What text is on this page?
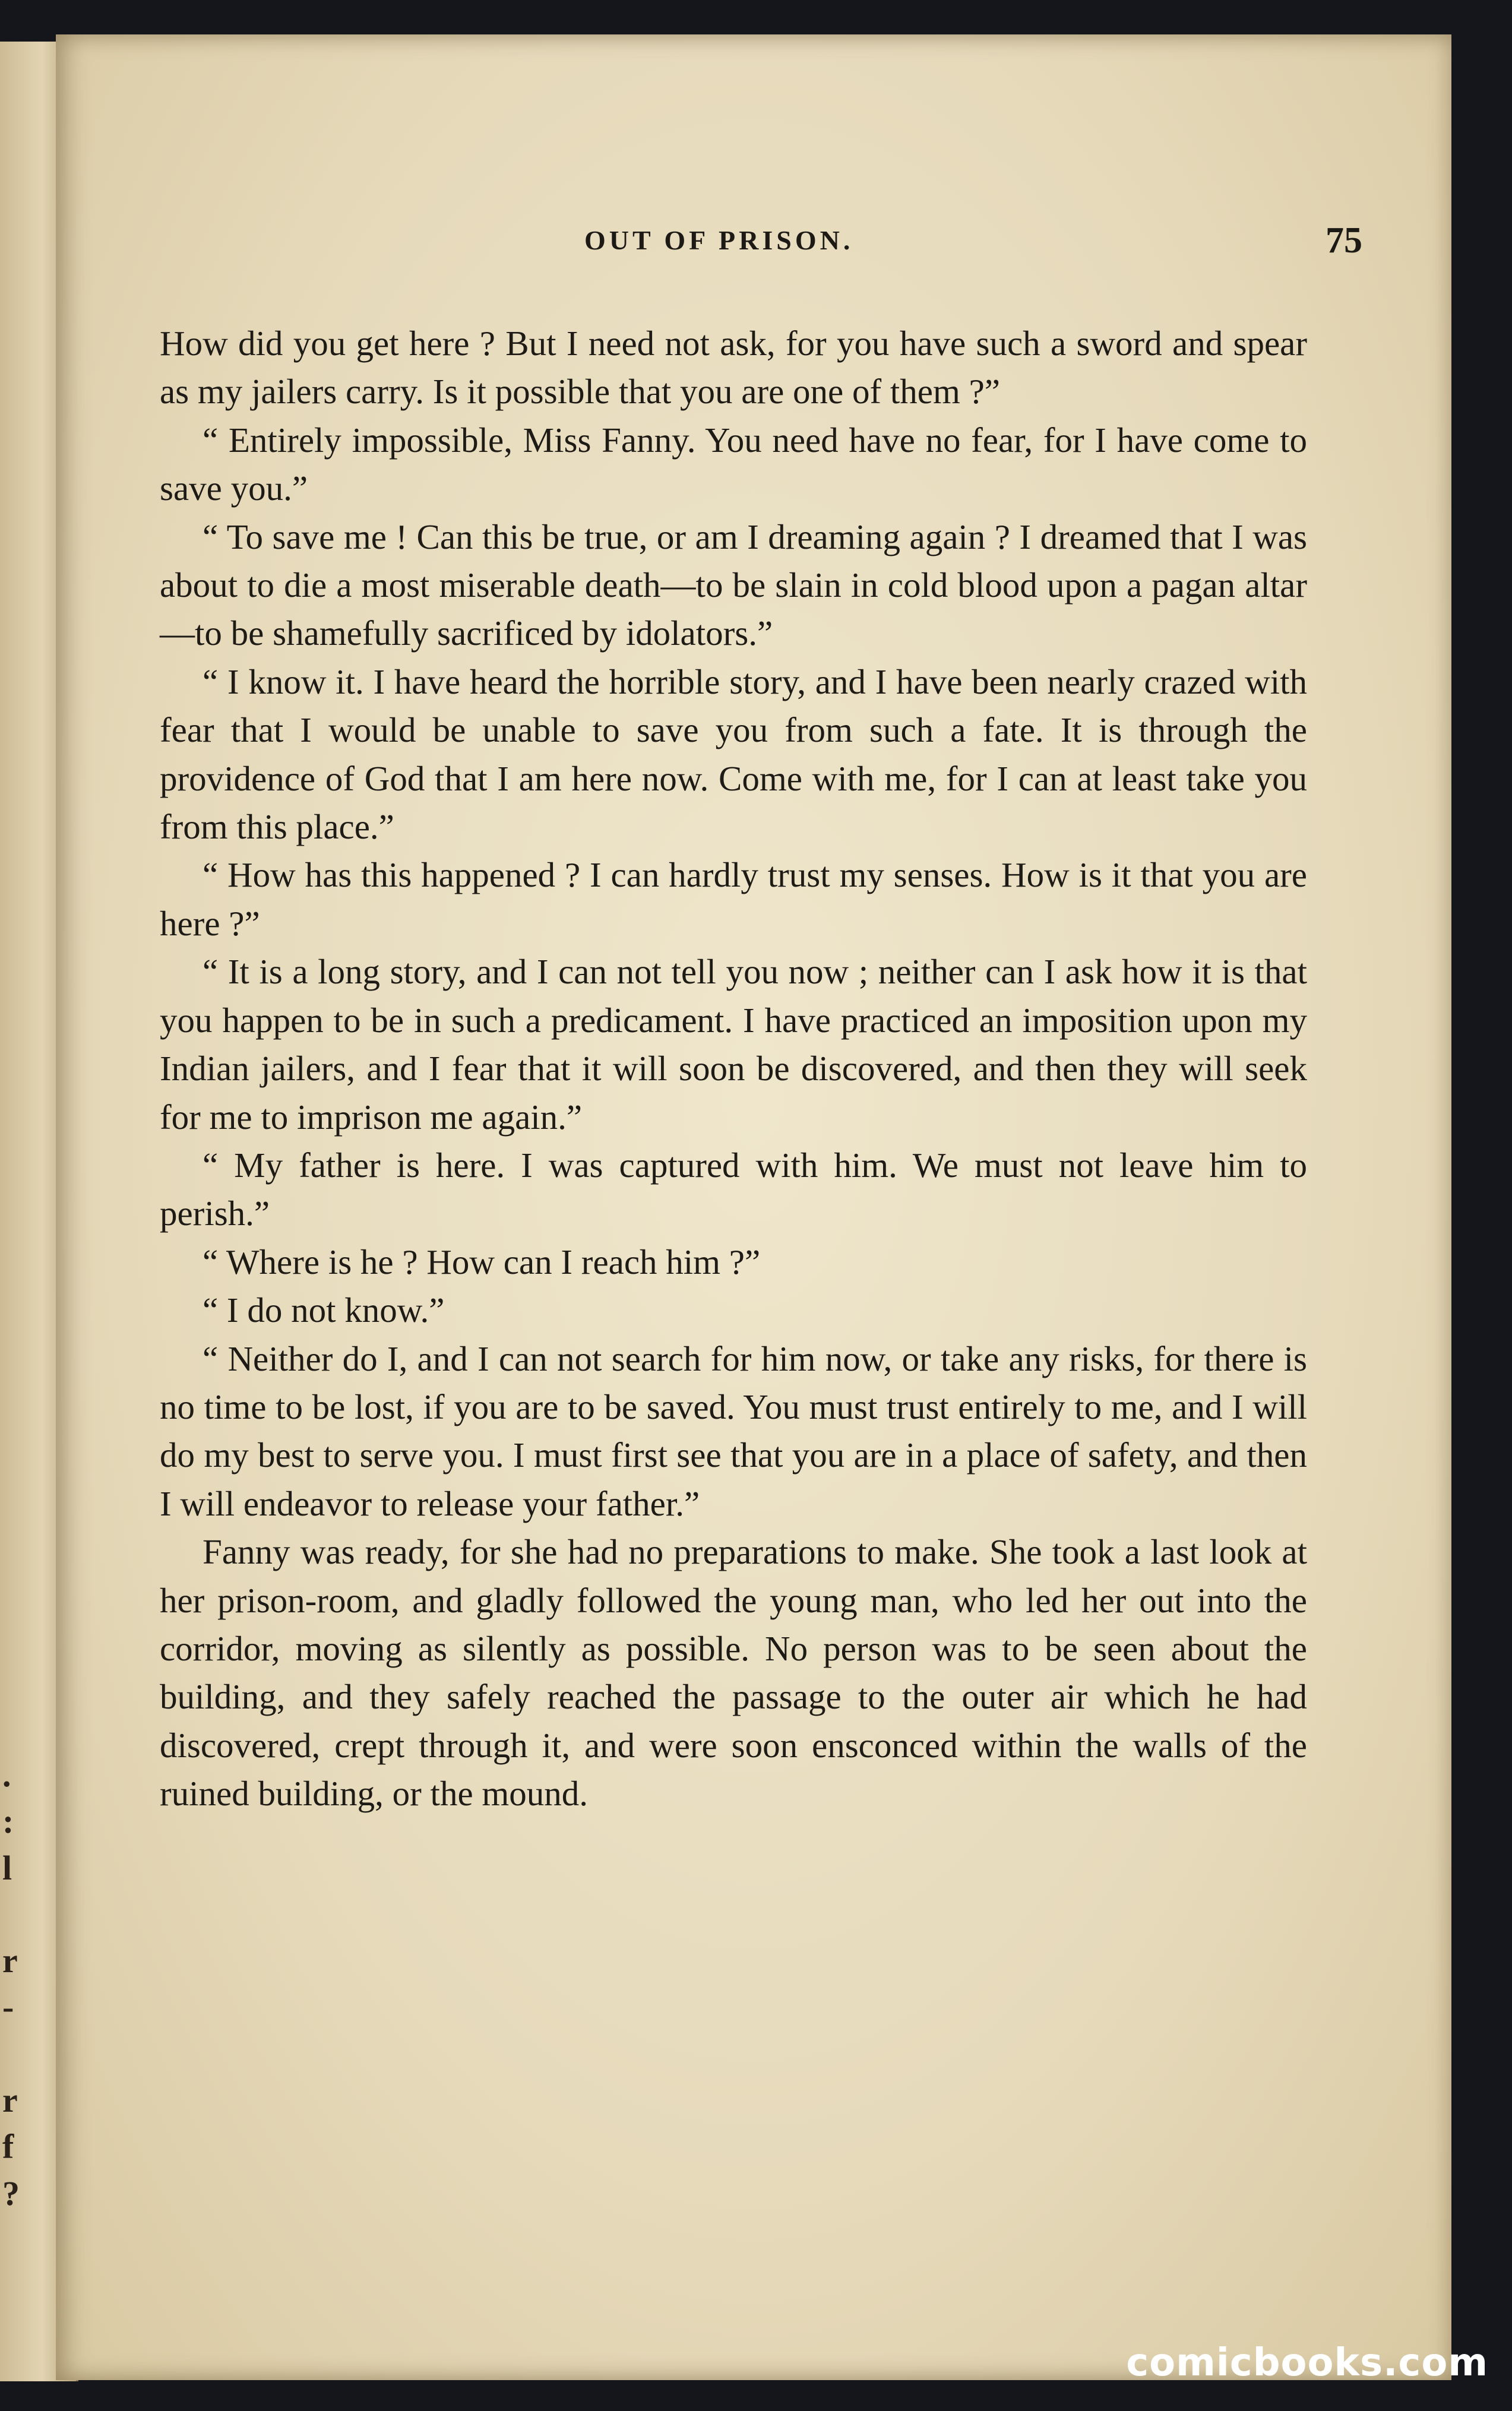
.
:
l

r
-

r
f
?
OUT OF PRISON.	75

How did you get here ? But I need not ask, for you have such a sword and spear as my jailers carry. Is it possible that you are one of them ?”

“ Entirely impossible, Miss Fanny. You need have no fear, for I have come to save you.”

“ To save me ! Can this be true, or am I dreaming again ? I dreamed that I was about to die a most miserable death—to be slain in cold blood upon a pagan altar—to be shamefully sacrificed by idolators.”

“ I know it. I have heard the horrible story, and I have been nearly crazed with fear that I would be unable to save you from such a fate. It is through the providence of God that I am here now. Come with me, for I can at least take you from this place.”

“ How has this happened ? I can hardly trust my senses. How is it that you are here ?”

“ It is a long story, and I can not tell you now ; neither can I ask how it is that you happen to be in such a predicament. I have practiced an imposition upon my Indian jailers, and I fear that it will soon be discovered, and then they will seek for me to imprison me again.”

“ My father is here. I was captured with him. We must not leave him to perish.”

“ Where is he ? How can I reach him ?”

“ I do not know.”

“ Neither do I, and I can not search for him now, or take any risks, for there is no time to be lost, if you are to be saved. You must trust entirely to me, and I will do my best to serve you. I must first see that you are in a place of safety, and then I will endeavor to release your father.”

Fanny was ready, for she had no preparations to make. She took a last look at her prison-room, and gladly followed the young man, who led her out into the corridor, moving as silently as possible. No person was to be seen about the building, and they safely reached the passage to the outer air which he had discovered, crept through it, and were soon ensconced within the walls of the ruined building, or the mound.

comicbooks.com
